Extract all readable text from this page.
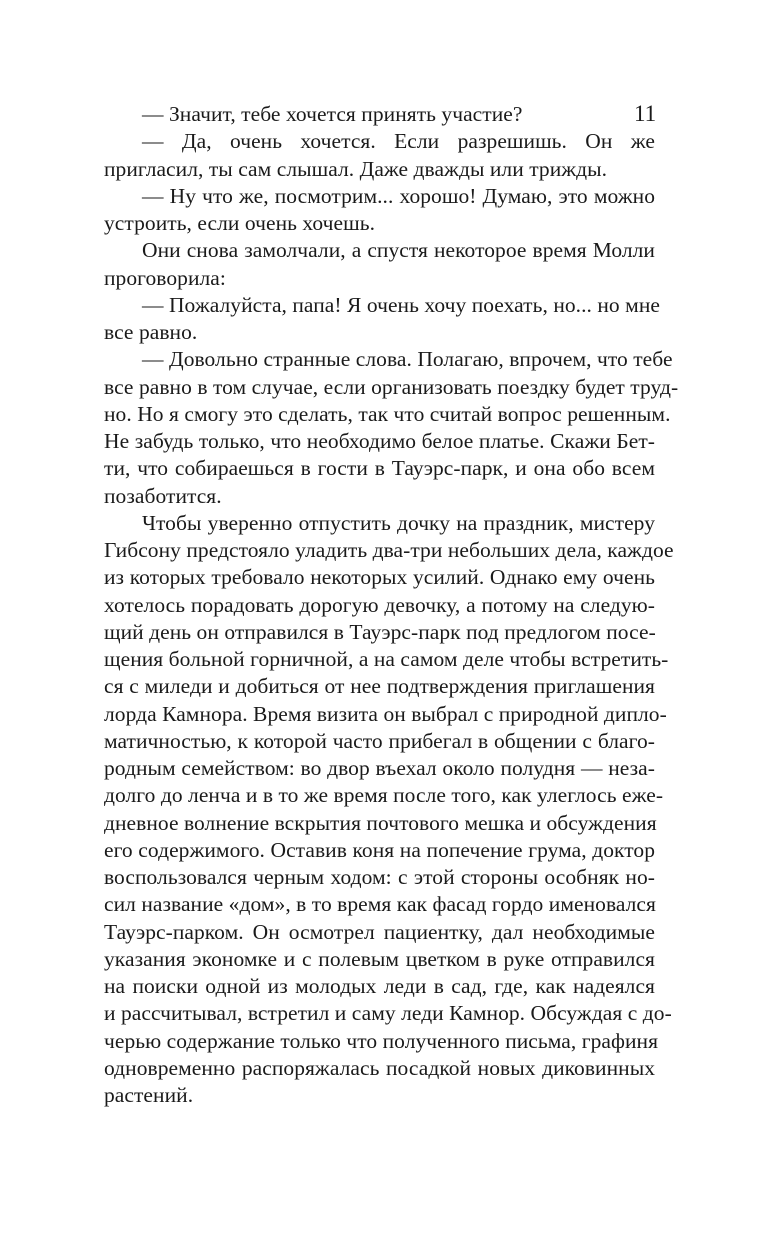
11
— Значит, тебе хочется принять участие?
— Да, очень хочется. Если разрешишь. Он же
пригласил, ты сам слышал. Даже дважды или трижды.
— Ну что же, посмотрим... хорошо! Думаю, это можно
устроить, если очень хочешь.
Они снова замолчали, а спустя некоторое время Молли
проговорила:
— Пожалуйста, папа! Я очень хочу поехать, но... но мне
все равно.
— Довольно странные слова. Полагаю, впрочем, что тебе
все равно в том случае, если организовать поездку будет труд-
но. Но я смогу это сделать, так что считай вопрос решенным.
Не забудь только, что необходимо белое платье. Скажи Бет-
ти, что собираешься в гости в Тауэрс-парк, и она обо всем
позаботится.
Чтобы уверенно отпустить дочку на праздник, мистеру
Гибсону предстояло уладить два-три небольших дела, каждое
из которых требовало некоторых усилий. Однако ему очень
хотелось порадовать дорогую девочку, а потому на следую-
щий день он отправился в Тауэрс-парк под предлогом посе-
щения больной горничной, а на самом деле чтобы встретить-
ся с миледи и добиться от нее подтверждения приглашения
лорда Камнора. Время визита он выбрал с природной дипло-
матичностью, к которой часто прибегал в общении с благо-
родным семейством: во двор въехал около полудня — неза-
долго до ленча и в то же время после того, как улеглось еже-
дневное волнение вскрытия почтового мешка и обсуждения
его содержимого. Оставив коня на попечение грума, доктор
воспользовался черным ходом: с этой стороны особняк но-
сил название «дом», в то время как фасад гордо именовался
Тауэрс-парком. Он осмотрел пациентку, дал необходимые
указания экономке и с полевым цветком в руке отправился
на поиски одной из молодых леди в сад, где, как надеялся
и рассчитывал, встретил и саму леди Камнор. Обсуждая с до-
черью содержание только что полученного письма, графиня
одновременно распоряжалась посадкой новых диковинных
растений.
